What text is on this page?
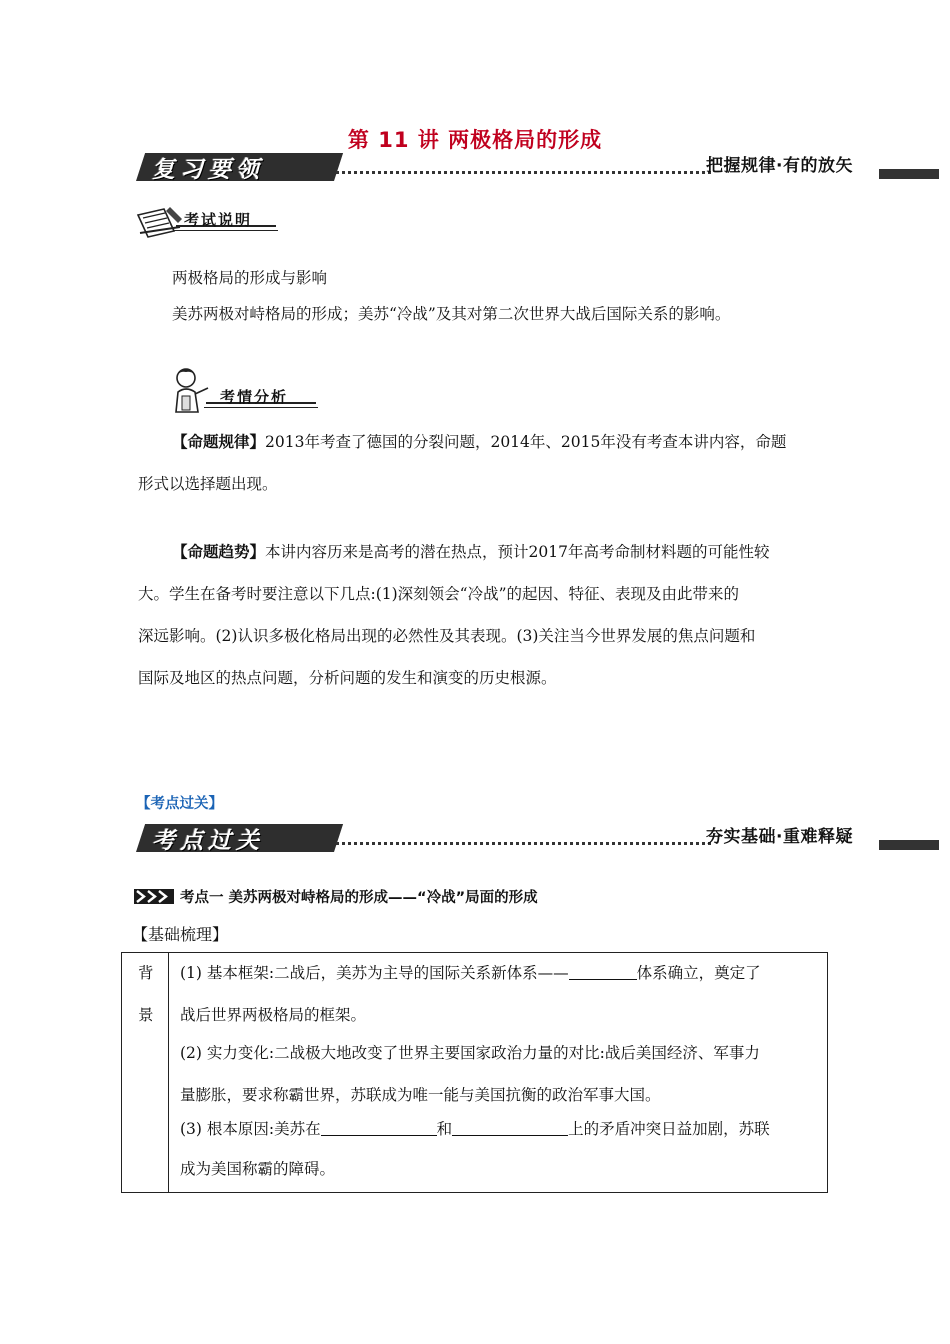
第 11 讲 两极格局的形成
复习要领	把握规律·有的放矢
考试说明
两极格局的形成与影响
美苏两极对峙格局的形成；美苏“冷战”及其对第二次世界大战后国际关系的影响。
考情分析
【命题规律】2013年考查了德国的分裂问题，2014年、2015年没有考查本讲内容，命题
形式以选择题出现。
【命题趋势】本讲内容历来是高考的潜在热点，预计2017年高考命制材料题的可能性较
大。学生在备考时要注意以下几点:(1)深刻领会“冷战”的起因、特征、表现及由此带来的
深远影响。(2)认识多极化格局出现的必然性及其表现。(3)关注当今世界发展的焦点问题和
国际及地区的热点问题，分析问题的发生和演变的历史根源。
【考点过关】
考点过关	夯实基础·重难释疑
考点一 美苏两极对峙格局的形成——“冷战”局面的形成
【基础梳理】
背
景
(1) 基本框架:二战后，美苏为主导的国际关系新体系——	体系确立，奠定了
战后世界两极格局的框架。
(2) 实力变化:二战极大地改变了世界主要国家政治力量的对比:战后美国经济、军事力
量膨胀，要求称霸世界，苏联成为唯一能与美国抗衡的政治军事大国。
(3) 根本原因:美苏在	和	上的矛盾冲突日益加剧，苏联
成为美国称霸的障碍。
